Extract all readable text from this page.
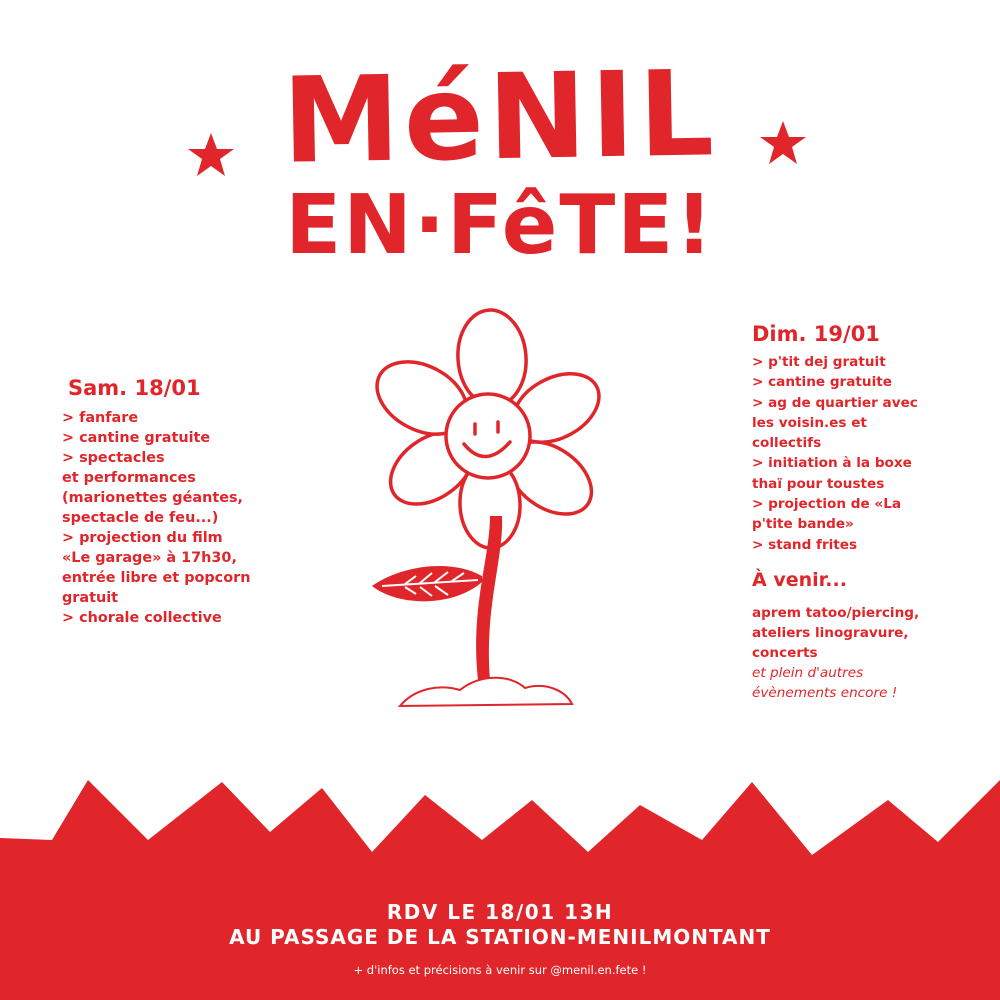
MéNIL
EN·FêTE!
Sam. 18/01
> fanfare
> cantine gratuite
> spectacles
et performances
(marionettes géantes,
spectacle de feu...)
> projection du film
«Le garage» à 17h30,
entrée libre et popcorn
gratuit
> chorale collective
Dim. 19/01
> p'tit dej gratuit
> cantine gratuite
> ag de quartier avec
les voisin.es et
collectifs
> initiation à la boxe
thaï pour toustes
> projection de «La
p'tite bande»
> stand frites
À venir...
aprem tatoo/piercing,
ateliers linogravure,
concerts
et plein d'autres
évènements encore !
RDV LE 18/01 13H
AU PASSAGE DE LA STATION-MENILMONTANT
+ d'infos et précisions à venir sur @menil.en.fete !
